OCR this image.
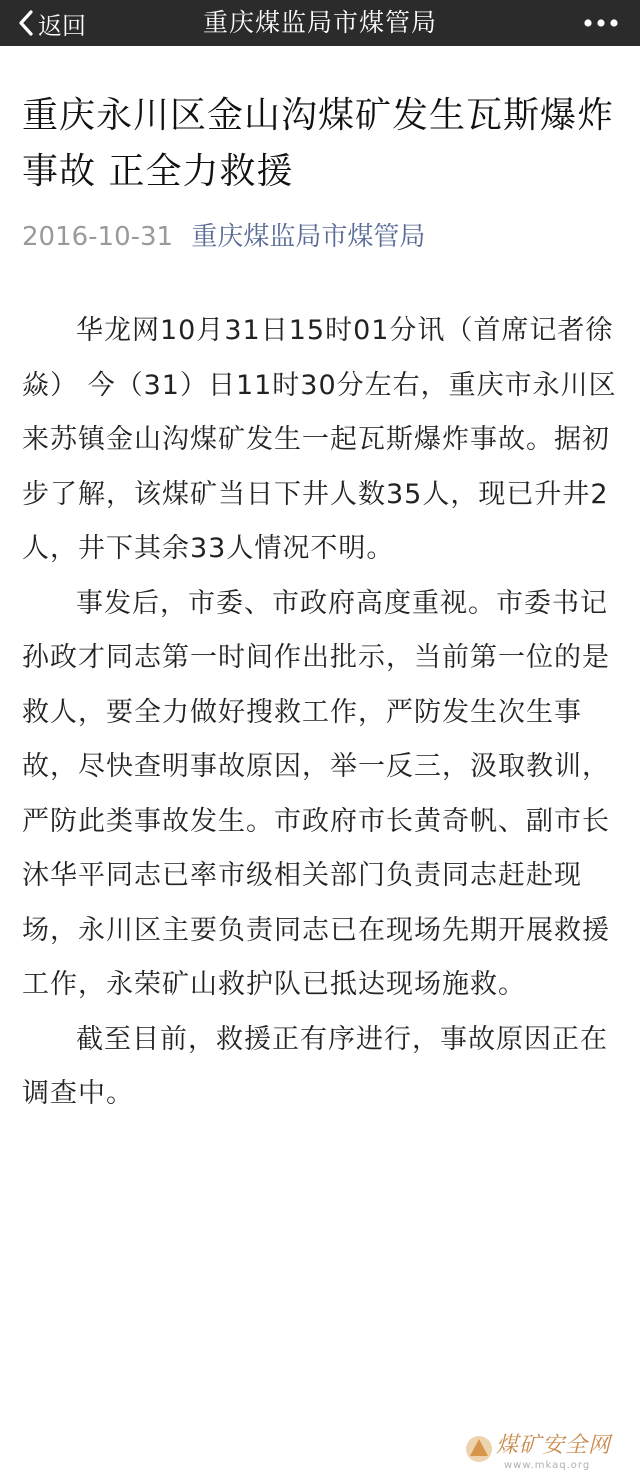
返回	重庆煤监局市煤管局
重庆永川区金山沟煤矿发生瓦斯爆炸事故 正全力救援
2016-10-31 重庆煤监局市煤管局

华龙网10月31日15时01分讯（首席记者徐焱） 今（31）日11时30分左右，重庆市永川区来苏镇金山沟煤矿发生一起瓦斯爆炸事故。据初步了解，该煤矿当日下井人数35人，现已升井2人，井下其余33人情况不明。

事发后，市委、市政府高度重视。市委书记孙政才同志第一时间作出批示，当前第一位的是救人，要全力做好搜救工作，严防发生次生事故，尽快查明事故原因，举一反三，汲取教训，严防此类事故发生。市政府市长黄奇帆、副市长沐华平同志已率市级相关部门负责同志赶赴现场，永川区主要负责同志已在现场先期开展救援工作，永荣矿山救护队已抵达现场施救。

截至目前，救援正有序进行，事故原因正在调查中。

煤矿安全网
www.mkaq.org
